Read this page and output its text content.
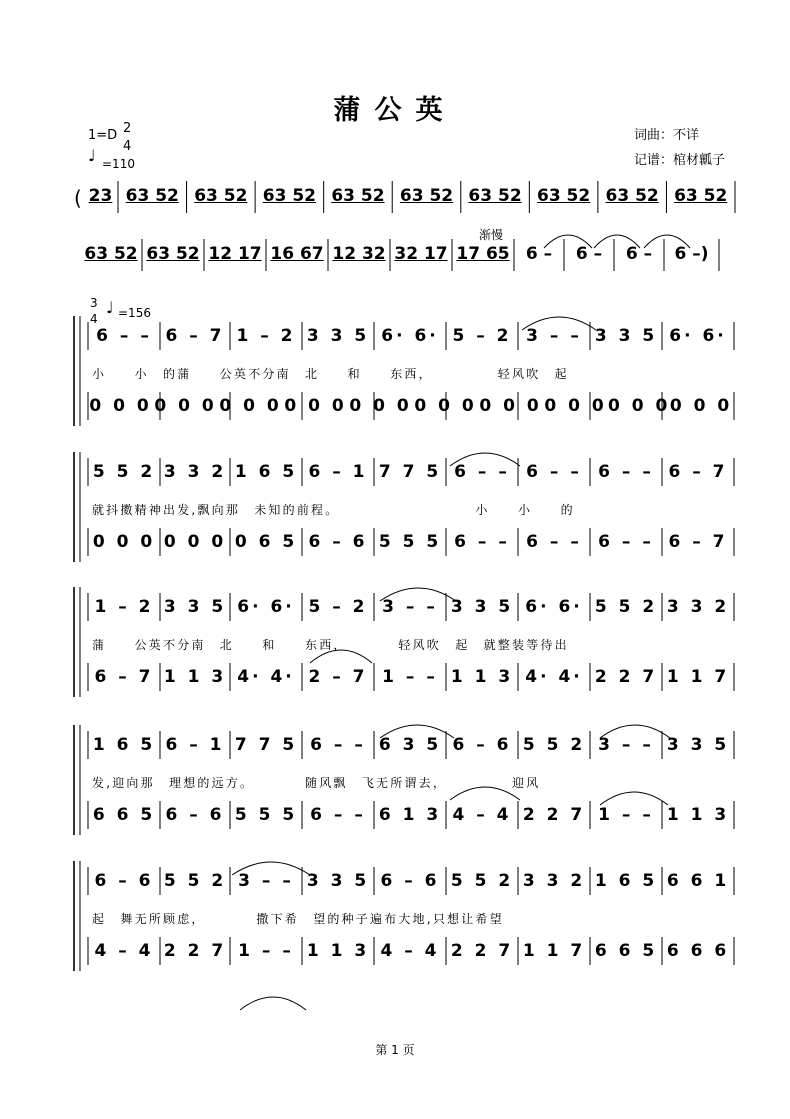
蒲公英
1=D 2
4
♩ =110
词曲：不详
记谱：棺材瓤子
( 23 63 52 63 52 63 52 63 52 63 52 63 52 63 52 63 52 63 52
渐慢
63 52 63 52 12 17 16 67 12 32 32 17 17 65 6 –	6 –	6 –	6 –)
3
4
♩ =156
6 – – 6 – 7 1 – 2 3 3 5 6· 6· 5 – 2 3 – – 3 3 5 6· 6·
小　　小　的蒲　　公英不分南　北　　和　　东西，　　　　　轻风吹　起
0 0 0 0 0 0 0 0 0 0 0 0 0 0 0 0 0 0 0 0 0 0 0 0 0 0 0 0 0 0
5 5 2 3 3 2 1 6 5 6 – 1 7 7 5 6 – – 6 – – 6 – – 6 – 7
就抖擞精神出发,飘向那　未知的前程。　　　　　　　　　　小　　小　　的
0 0 0 0 0 0 0 6 5 6 – 6 5 5 5 6 – – 6 – – 6 – – 6 – 7
1 – 2 3 3 5 6· 6· 5 – 2 3 – – 3 3 5 6· 6· 5 5 2 3 3 2
蒲　　公英不分南　北　　和　　东西，　　　　轻风吹　起　就整装等待出
6 – 7 1 1 3 4· 4· 2 – 7 1 – – 1 1 3 4· 4· 2 2 7 1 1 7
1 6 5 6 – 1 7 7 5 6 – – 6 3 5 6 – 6 5 5 2 3 – – 3 3 5
发,迎向那　理想的远方。　　　　随风飘　飞无所谓去，　　　　　迎风
6 6 5 6 – 6 5 5 5 6 – – 6 1 3 4 – 4 2 2 7 1 – – 1 1 3
6 – 6 5 5 2 3 – – 3 3 5 6 – 6 5 5 2 3 3 2 1 6 5 6 6 1
起　舞无所顾虑，　　　　撒下希　望的种子遍布大地,只想让希望
4 – 4 2 2 7 1 – – 1 1 3 4 – 4 2 2 7 1 1 7 6 6 5 6 6 6
第 1 页
